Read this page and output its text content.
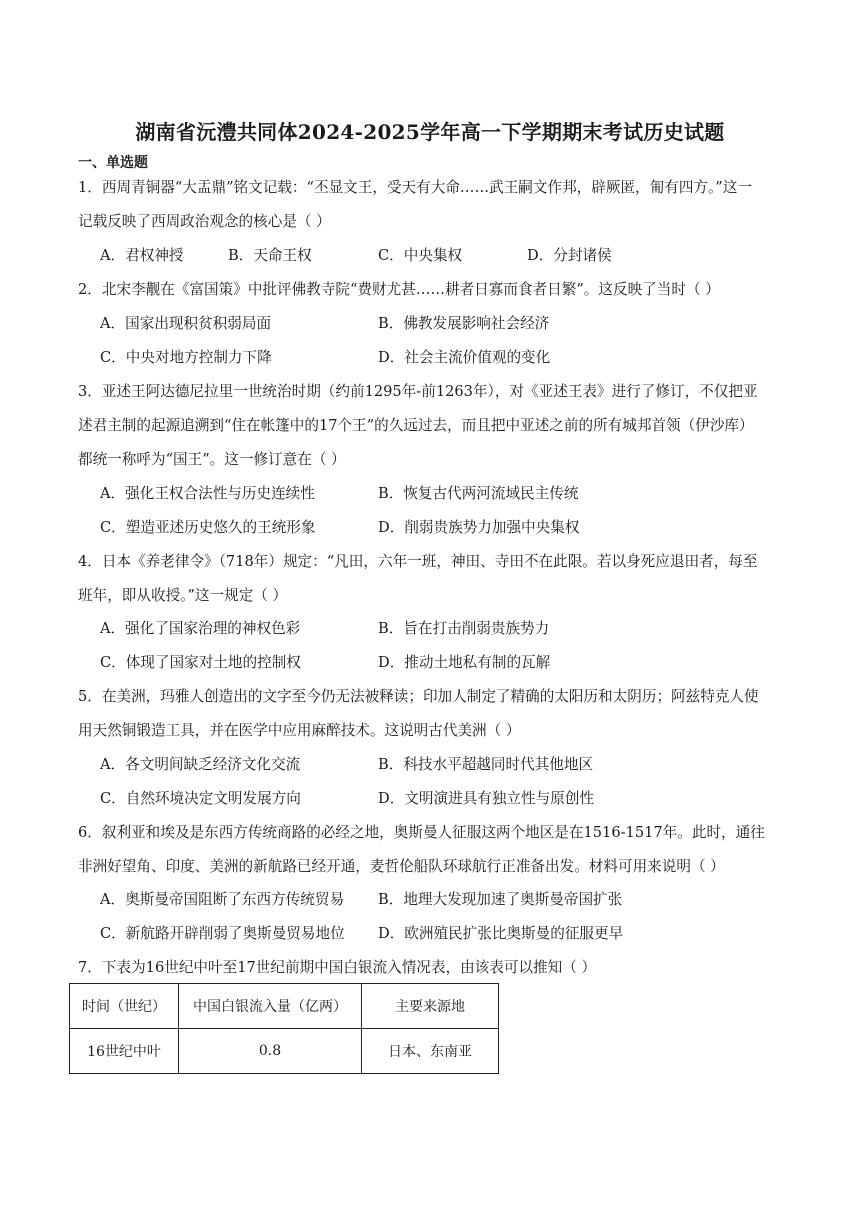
湖南省沅澧共同体2024-2025学年高一下学期期末考试历史试题
一、单选题
1．西周青铜器“大盂鼎”铭文记载：“丕显文王，受天有大命……武王嗣文作邦，辟厥匿，匍有四方。”这一
记载反映了西周政治观念的核心是（ ）
A．君权神授	B．天命王权	C．中央集权	D．分封诸侯
2．北宋李觏在《富国策》中批评佛教寺院“费财尤甚……耕者日寡而食者日繁”。这反映了当时（ ）
A．国家出现积贫积弱局面	B．佛教发展影响社会经济
C．中央对地方控制力下降	D．社会主流价值观的变化
3．亚述王阿达德尼拉里一世统治时期（约前1295年-前1263年），对《亚述王表》进行了修订，不仅把亚
述君主制的起源追溯到“住在帐篷中的17个王”的久远过去，而且把中亚述之前的所有城邦首领（伊沙库）
都统一称呼为“国王”。这一修订意在（ ）
A．强化王权合法性与历史连续性	B．恢复古代两河流域民主传统
C．塑造亚述历史悠久的王统形象	D．削弱贵族势力加强中央集权
4．日本《养老律令》（718年）规定：“凡田，六年一班，神田、寺田不在此限。若以身死应退田者，每至
班年，即从收授。”这一规定（ ）
A．强化了国家治理的神权色彩	B．旨在打击削弱贵族势力
C．体现了国家对土地的控制权	D．推动土地私有制的瓦解
5．在美洲，玛雅人创造出的文字至今仍无法被释读；印加人制定了精确的太阳历和太阴历；阿兹特克人使
用天然铜锻造工具，并在医学中应用麻醉技术。这说明古代美洲（ ）
A．各文明间缺乏经济文化交流	B．科技水平超越同时代其他地区
C．自然环境决定文明发展方向	D．文明演进具有独立性与原创性
6．叙利亚和埃及是东西方传统商路的必经之地，奥斯曼人征服这两个地区是在1516-1517年。此时，通往
非洲好望角、印度、美洲的新航路已经开通，麦哲伦船队环球航行正准备出发。材料可用来说明（ ）
A．奥斯曼帝国阻断了东西方传统贸易 B．地理大发现加速了奥斯曼帝国扩张
C．新航路开辟削弱了奥斯曼贸易地位 D．欧洲殖民扩张比奥斯曼的征服更早
7．下表为16世纪中叶至17世纪前期中国白银流入情况表，由该表可以推知（ ）
时间（世纪）	中国白银流入量（亿两）	主要来源地
16世纪中叶	0.8	日本、东南亚
